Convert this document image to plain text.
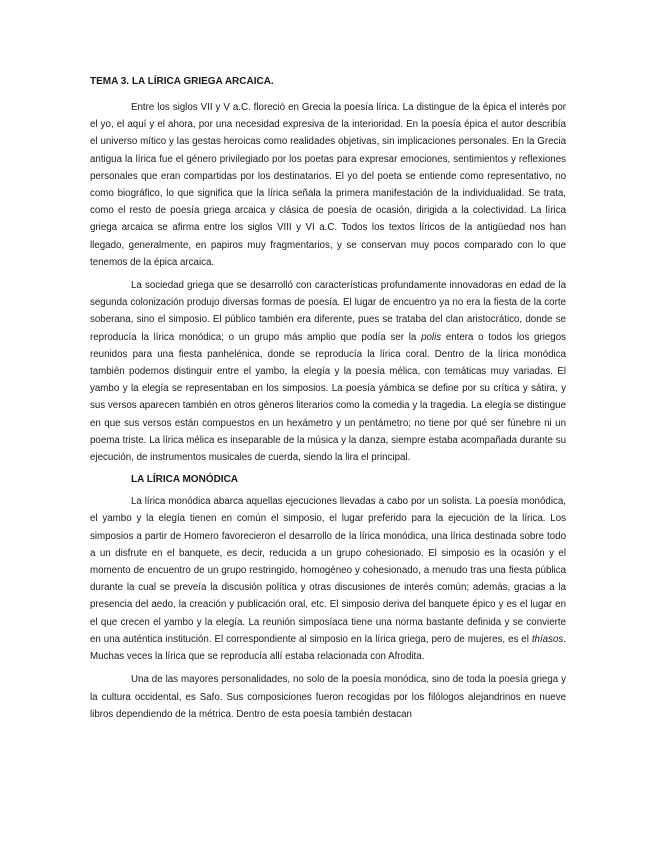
TEMA 3. LA LÍRICA GRIEGA ARCAICA.

Entre los siglos VII y V a.C. floreció en Grecia la poesía lírica. La distingue de la épica el interés por el yo, el aquí y el ahora, por una necesidad expresiva de la interioridad. En la poesía épica el autor describía el universo mítico y las gestas heroicas como realidades objetivas, sin implicaciones personales. En la Grecia antigua la lírica fue el género privilegiado por los poetas para expresar emociones, sentimientos y reflexiones personales que eran compartidas por los destinatarios. El yo del poeta se entiende como representativo, no como biográfico, lo que significa que la lírica señala la primera manifestación de la individualidad. Se trata, como el resto de poesía griega arcaica y clásica de poesía de ocasión, dirigida a la colectividad. La lírica griega arcaica se afirma entre los siglos VIII y VI a.C. Todos los textos líricos de la antigüedad nos han llegado, generalmente, en papiros muy fragmentarios, y se conservan muy pocos comparado con lo que tenemos de la épica arcaica.

La sociedad griega que se desarrolló con características profundamente innovadoras en edad de la segunda colonización produjo diversas formas de poesía. El lugar de encuentro ya no era la fiesta de la corte soberana, sino el simposio. El público también era diferente, pues se trataba del clan aristocrático, donde se reproducía la lírica monódica; o un grupo más amplio que podía ser la polis entera o todos los griegos reunidos para una fiesta panhelénica, donde se reproducía la lírica coral. Dentro de la lírica monódica también podemos distinguir entre el yambo, la elegía y la poesía mélica, con temáticas muy variadas. El yambo y la elegía se representaban en los simposios. La poesía yámbica se define por su crítica y sátira, y sus versos aparecen también en otros géneros literarios como la comedia y la tragedia. La elegía se distingue en que sus versos están compuestos en un hexámetro y un pentámetro; no tiene por qué ser fúnebre ni un poema triste. La lírica mélica es inseparable de la música y la danza, siempre estaba acompañada durante su ejecución, de instrumentos musicales de cuerda, siendo la lira el principal.

LA LÍRICA MONÓDICA

La lírica monódica abarca aquellas ejecuciones llevadas a cabo por un solista. La poesía monódica, el yambo y la elegía tienen en común el simposio, el lugar preferido para la ejecución de la lírica. Los simposios a partir de Homero favorecieron el desarrollo de la lírica monódica, una lírica destinada sobre todo a un disfrute en el banquete, es decir, reducida a un grupo cohesionado. El simposio es la ocasión y el momento de encuentro de un grupo restringido, homogéneo y cohesionado, a menudo tras una fiesta pública durante la cual se preveía la discusión política y otras discusiones de interés común; además, gracias a la presencia del aedo, la creación y publicación oral, etc. El simposio deriva del banquete épico y es el lugar en el que crecen el yambo y la elegía. La reunión simposíaca tiene una norma bastante definida y se convierte en una auténtica institución. El correspondiente al simposio en la lírica griega, pero de mujeres, es el thíasos. Muchas veces la lírica que se reproducía allí estaba relacionada con Afrodita.

Una de las mayores personalidades, no solo de la poesía monódica, sino de toda la poesía griega y la cultura occidental, es Safo. Sus composiciones fueron recogidas por los filólogos alejandrinos en nueve libros dependiendo de la métrica. Dentro de esta poesía también destacan
